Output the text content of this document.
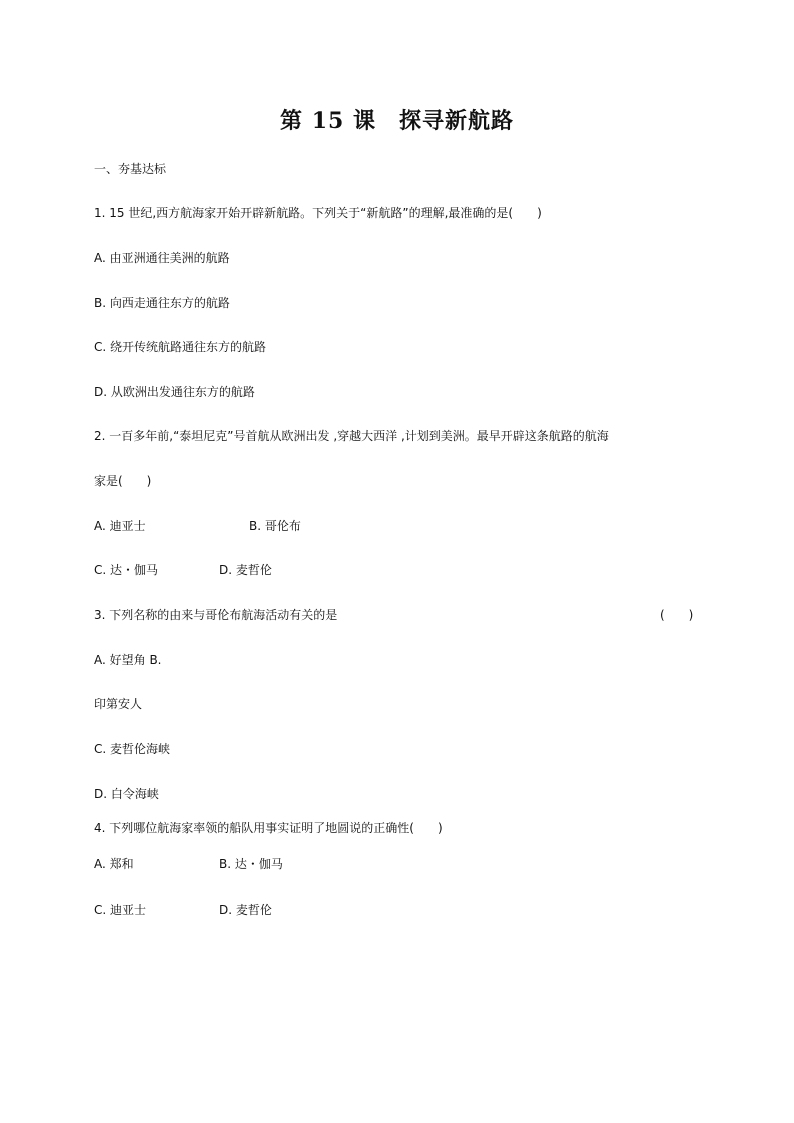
第 15 课　探寻新航路
一、夯基达标
1. 15 世纪,西方航海家开始开辟新航路。下列关于“新航路”的理解,最准确的是(　　)
A. 由亚洲通往美洲的航路
B. 向西走通往东方的航路
C. 绕开传统航路通往东方的航路
D. 从欧洲出发通往东方的航路
2. 一百多年前,“泰坦尼克”号首航从欧洲出发 ,穿越大西洋 ,计划到美洲。最早开辟这条航路的航海
家是(　　)
A. 迪亚士	B. 哥伦布
C. 达・伽马	D. 麦哲伦
3. 下列名称的由来与哥伦布航海活动有关的是	(　　)
A. 好望角 B.
印第安人
C. 麦哲伦海峡
D. 白令海峡
4. 下列哪位航海家率领的船队用事实证明了地圆说的正确性(　　)
A. 郑和	B. 达・伽马
C. 迪亚士	D. 麦哲伦
